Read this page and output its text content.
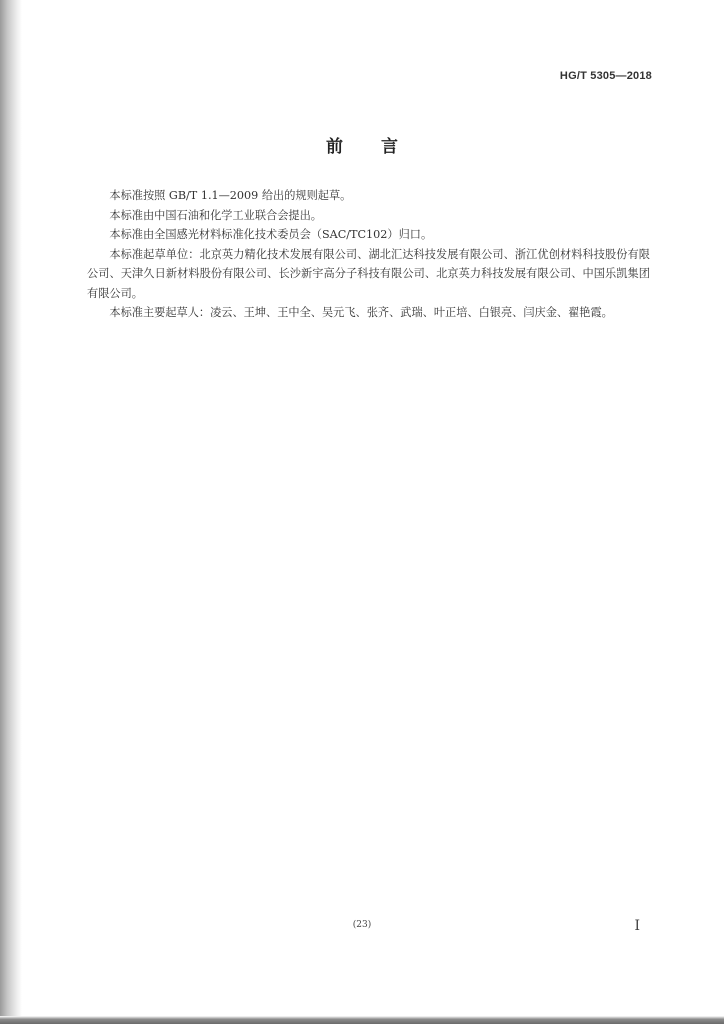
HG/T 5305—2018
前言

本标准按照 GB/T 1.1—2009 给出的规则起草。

本标准由中国石油和化学工业联合会提出。

本标准由全国感光材料标准化技术委员会（SAC/TC102）归口。

本标准起草单位：北京英力精化技术发展有限公司、湖北汇达科技发展有限公司、浙江优创材料科技股份有限公司、天津久日新材料股份有限公司、长沙新宇高分子科技有限公司、北京英力科技发展有限公司、中国乐凯集团有限公司。

本标准主要起草人：凌云、王坤、王中全、吴元飞、张齐、武瑞、叶正培、白银亮、闫庆金、翟艳霞。

(23)	I
